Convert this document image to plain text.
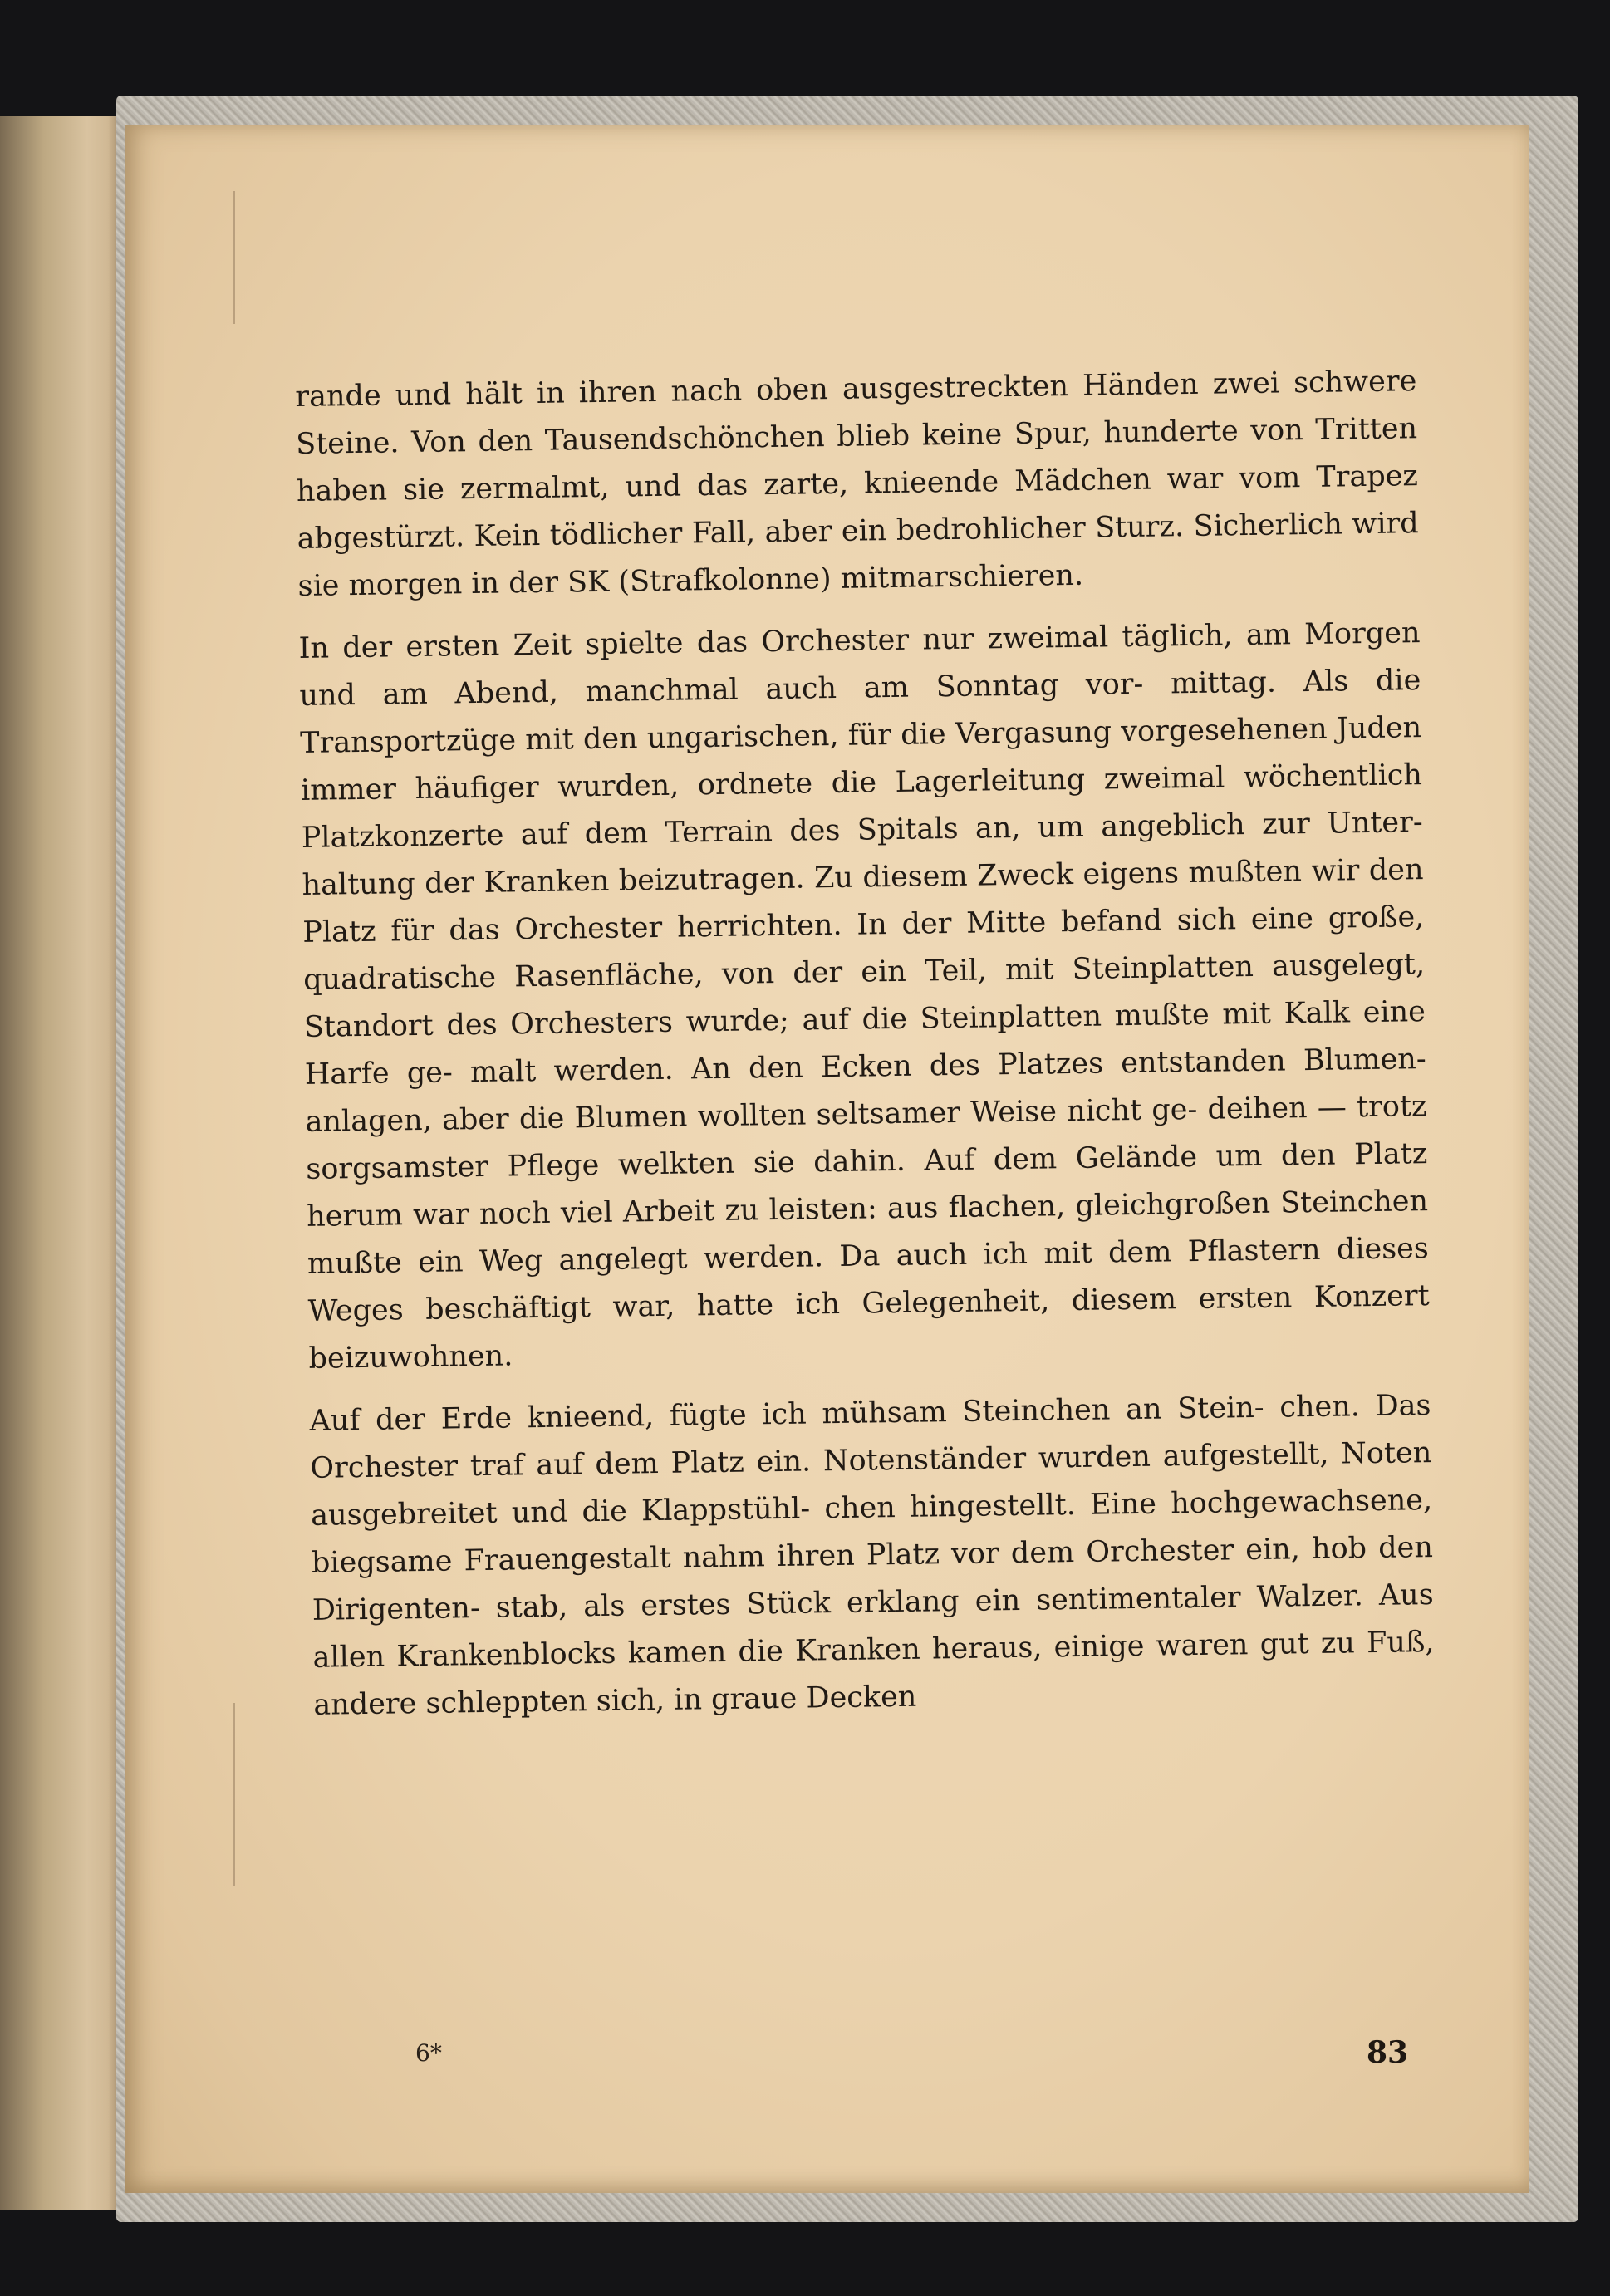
rande und hält in ihren nach oben ausgestreckten Händen zwei schwere Steine. Von den Tausendschönchen blieb keine Spur, hunderte von Tritten haben sie zermalmt, und das zarte, knieende Mädchen war vom Trapez abgestürzt. Kein tödlicher Fall, aber ein bedrohlicher Sturz. Sicherlich wird sie morgen in der SK (Strafkolonne) mitmarschieren.

In der ersten Zeit spielte das Orchester nur zweimal täglich, am Morgen und am Abend, manchmal auch am Sonntag vor- mittag. Als die Transportzüge mit den ungarischen, für die Vergasung vorgesehenen Juden immer häufiger wurden, ordnete die Lagerleitung zweimal wöchentlich Platzkonzerte auf dem Terrain des Spitals an, um angeblich zur Unter- haltung der Kranken beizutragen. Zu diesem Zweck eigens mußten wir den Platz für das Orchester herrichten. In der Mitte befand sich eine große, quadratische Rasenfläche, von der ein Teil, mit Steinplatten ausgelegt, Standort des Orchesters wurde; auf die Steinplatten mußte mit Kalk eine Harfe ge- malt werden. An den Ecken des Platzes entstanden Blumen- anlagen, aber die Blumen wollten seltsamer Weise nicht ge- deihen — trotz sorgsamster Pflege welkten sie dahin. Auf dem Gelände um den Platz herum war noch viel Arbeit zu leisten: aus flachen, gleichgroßen Steinchen mußte ein Weg angelegt werden. Da auch ich mit dem Pflastern dieses Weges beschäftigt war, hatte ich Gelegenheit, diesem ersten Konzert beizuwohnen.

Auf der Erde knieend, fügte ich mühsam Steinchen an Stein- chen. Das Orchester traf auf dem Platz ein. Notenständer wurden aufgestellt, Noten ausgebreitet und die Klappstühl- chen hingestellt. Eine hochgewachsene, biegsame Frauengestalt nahm ihren Platz vor dem Orchester ein, hob den Dirigenten- stab, als erstes Stück erklang ein sentimentaler Walzer. Aus allen Krankenblocks kamen die Kranken heraus, einige waren gut zu Fuß, andere schleppten sich, in graue Decken

6*	83
